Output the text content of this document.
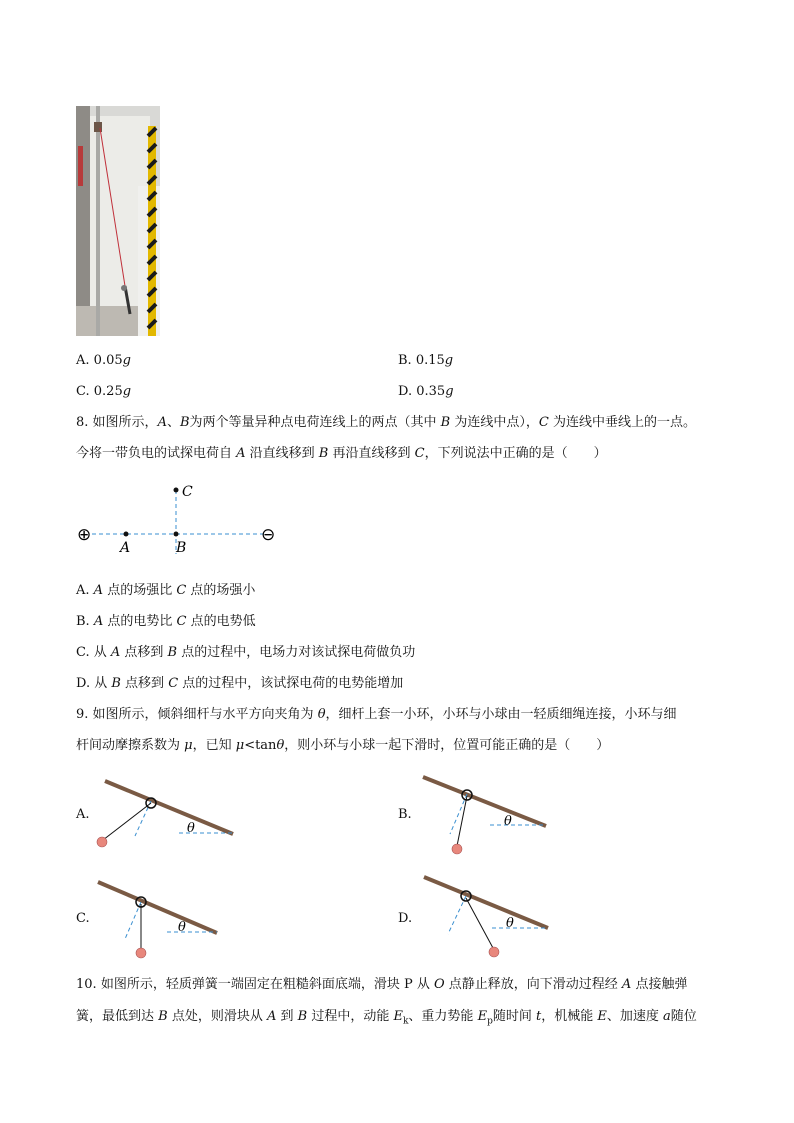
A. 0.05g	B. 0.15g
C. 0.25g	D. 0.35g
8. 如图所示，A、B为两个等量异种点电荷连线上的两点（其中 B 为连线中点），C 为连线中垂线上的一点。
今将一带负电的试探电荷自 A 沿直线移到 B 再沿直线移到 C，下列说法中正确的是（　　）
⊕	⊖
A	B
C
A. A 点的场强比 C 点的场强小
B. A 点的电势比 C 点的电势低
C. 从 A 点移到 B 点的过程中，电场力对该试探电荷做负功
D. 从 B 点移到 C 点的过程中，该试探电荷的电势能增加
9. 如图所示，倾斜细杆与水平方向夹角为 θ，细杆上套一小环，小环与小球由一轻质细绳连接，小环与细
杆间动摩擦系数为 μ，已知 μ<tanθ，则小环与小球一起下滑时，位置可能正确的是（　　）
A.
θ
B.	θ
C.
θ
D.	θ
10. 如图所示，轻质弹簧一端固定在粗糙斜面底端，滑块 P 从 O 点静止释放，向下滑动过程经 A 点接触弹
簧，最低到达 B 点处，则滑块从 A 到 B 过程中，动能 $E_k$、重力势能 $E_p$随时间 t，机械能 E、加速度 a随位
